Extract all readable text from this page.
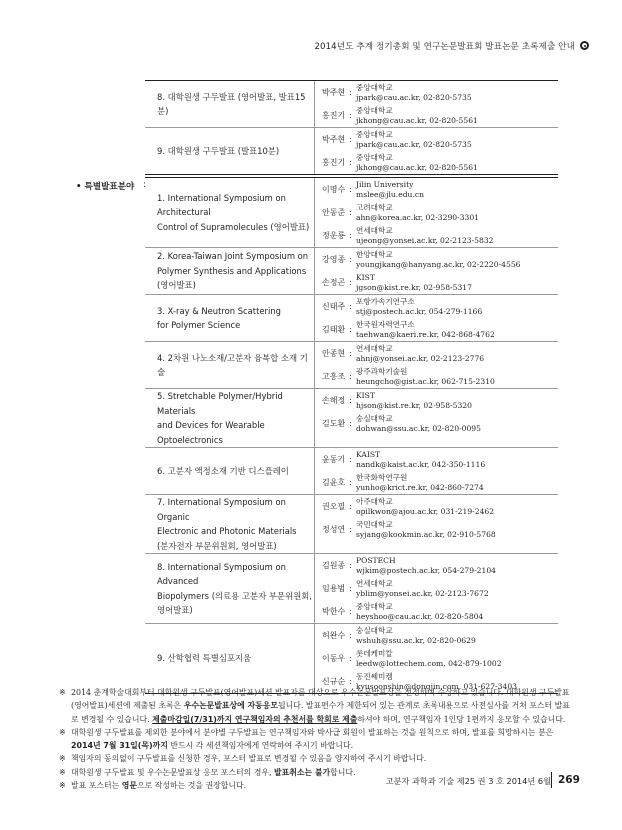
2014년도 추계 정기총회 및 연구논문발표회 발표논문 초록제출 안내
8. 대학원생 구두발표 (영어발표, 발표15분)
박주현 :
중앙대학교
jpark@cau.ac.kr, 02-820-5735
홍진기 :
중앙대학교
jkhong@cau.ac.kr, 02-820-5561
9. 대학원생 구두발표 (발표10분)
박주현 :
중앙대학교
jpark@cau.ac.kr, 02-820-5735
홍진기 :
중앙대학교
jkhong@cau.ac.kr, 02-820-5561
• 특별발표분야 :
1. International Symposium on Architectural
Control of Supramolecules (영어발표)
이명수 :
Jilin University
mslee@jlu.edu.cn
안동준 :
고려대학교
ahn@korea.ac.kr, 02-3290-3301
정운룡 :
연세대학교
ujeong@yonsei.ac.kr, 02-2123-5832
2. Korea-Taiwan Joint Symposium on
Polymer Synthesis and Applications
(영어발표)
강영종 :
한양대학교
youngjkang@hanyang.ac.kr, 02-2220-4556
손정곤 :
KIST
jgson@kist.re.kr, 02-958-5317
3. X-ray & Neutron Scattering
for Polymer Science
신태주 :
포항가속기연구소
stj@postech.ac.kr, 054-279-1166
김태환 :
한국원자력연구소
taehwan@kaeri.re.kr, 042-868-4762
4. 2차원 나노소재/고분자 융복합 소재 기술
안종현 :
연세대학교
ahnj@yonsei.ac.kr, 02-2123-2776
고흥조 :
광주과학기술원
heungcho@gist.ac.kr, 062-715-2310
5. Stretchable Polymer/Hybrid Materials
and Devices for Wearable
Optoelectronics
손해정 :
KIST
hjson@kist.re.kr, 02-958-5320
김도환 :
숭실대학교
dohwan@ssu.ac.kr, 02-820-0095
6. 고분자 액정소재 기반 디스플레이
윤동기 :
KAIST
nandk@kaist.ac.kr, 042-350-1116
김윤호 :
한국화학연구원
yunho@krict.re.kr, 042-860-7274
7. International Symposium on Organic
Electronic and Photonic Materials
(분자전자 부문위원회, 영어발표)
권오필 :
아주대학교
opilkwon@ajou.ac.kr, 031-219-2462
정성연 :
국민대학교
syjang@kookmin.ac.kr, 02-910-5768
8. International Symposium on Advanced
Biopolymers (의료용 고분자 부문위원회,
영어발표)
김원종 :
POSTECH
wjkim@postech.ac.kr, 054-279-2104
임용범 :
연세대학교
yblim@yonsei.ac.kr, 02-2123-7672
박한수 :
중앙대학교
heyshoo@cau.ac.kr, 02-820-5804
9. 산학협력 특별심포지움
허완수 :
숭실대학교
wshuh@ssu.ac.kr, 02-820-0629
이동우 :
롯데케미칼
leedw@lottechem.com, 042-879-1002
신규순 :
동진쎄미켐
kyusoonshin@dongjin.com, 031-627-3403
※ 2014 춘계학술대회부터 대학원생 구두발표(영어발표)세션 발표자를 대상으로 우수논문발표상을 선정하여 수상하고 있습니다. 대학원생 구두발표(영어발표)세션에 제출된 초록은 우수논문발표상에 자동응모됩니다. 발표편수가 제한되어 있는 관계로 초록내용으로 사전심사를 거쳐 포스터 발표로 변경될 수 있습니다. 제출마감일(7/31)까지 연구책임자의 추천서를 학회로 제출하셔야 하며, 연구책임자 1인당 1편까지 응모할 수 있습니다.
※ 대학원생 구두발표를 제외한 분야에서 분야별 구두발표는 연구책임자와 박사급 회원이 발표하는 것을 원칙으로 하며, 발표를 희망하시는 분은 2014년 7월 31일(목)까지 반드시 각 세션책임자에게 연락하여 주시기 바랍니다.
※ 책임자의 동의없이 구두발표를 신청한 경우, 포스터 발표로 변경될 수 있음을 양지하여 주시기 바랍니다.
※ 대학원생 구두발표 및 우수논문발표상 응모 포스터의 경우, 발표취소는 불가합니다.
※ 발표 포스터는 영문으로 작성하는 것을 권장합니다.	고분자 과학과 기술 제25 권 3 호 2014년 6월 269
